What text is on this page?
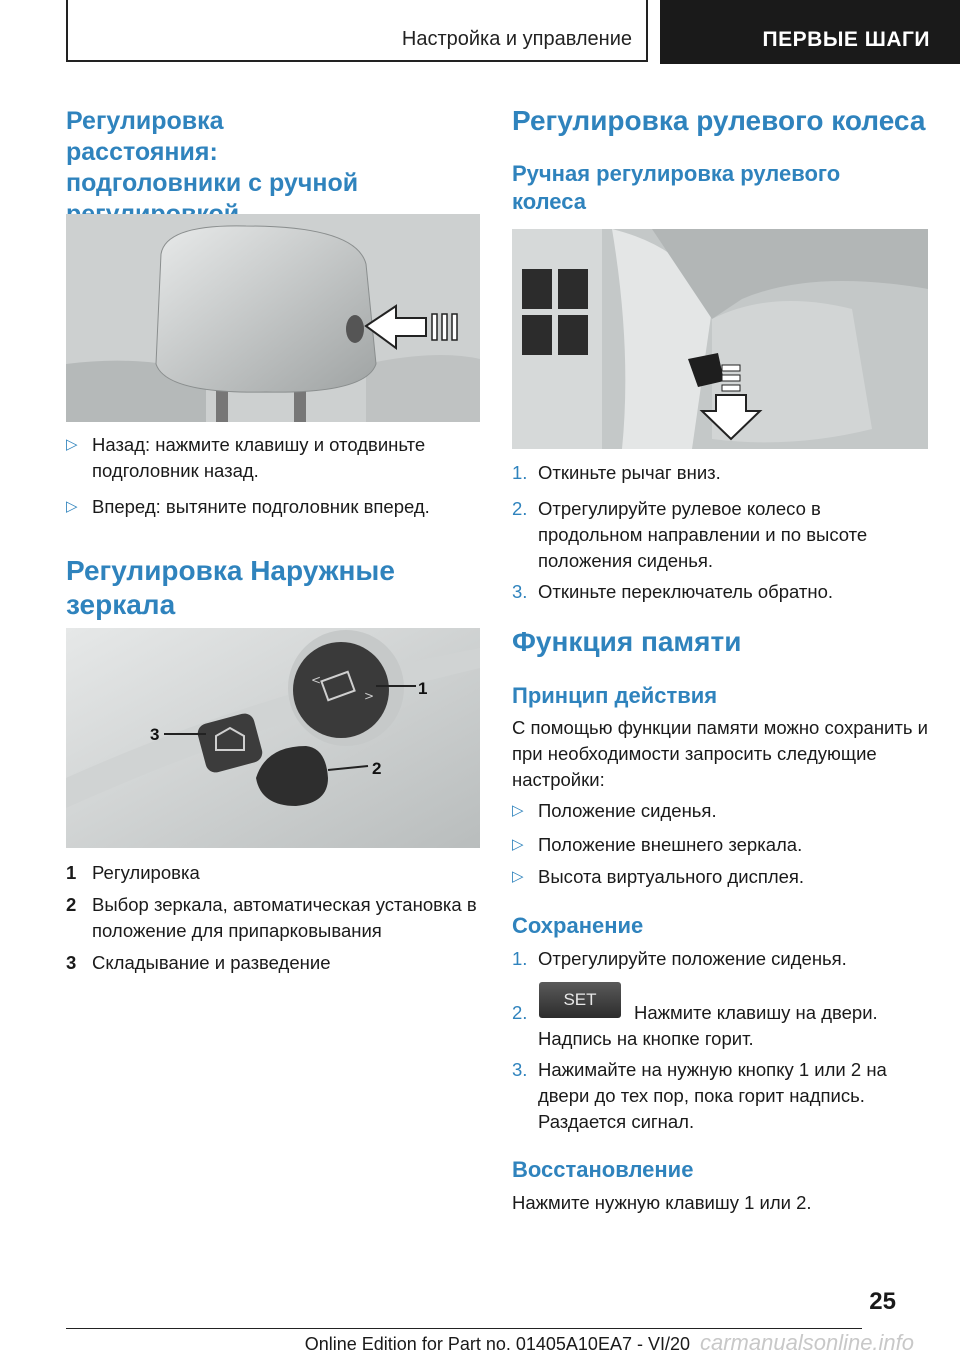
Настройка и управление	ПЕРВЫЕ ШАГИ
Регулировка расстояния: подголовники с ручной
▷ Назад: нажмите клавишу и отодвиньте подголовник назад.
▷ Вперед: вытяните подголовник вперед.
Регулировка Наружные зеркала
<
>	1
2
3
1 Регулировка
2 Выбор зеркала, автоматическая установка в положение для припарковывания
3 Складывание и разведение
Регулировка рулевого колеса
Ручная регулировка рулевого колеса
1. Откиньте рычаг вниз.
2. Отрегулируйте рулевое колесо в продольном направлении и по высоте положения сиденья.
3. Откиньте переключатель обратно.
Функция памяти
Принцип действия
С помощью функции памяти можно сохранить и при необходимости запросить следующие настройки:
▷ Положение сиденья.
▷ Положение внешнего зеркала.
▷ Высота виртуального дисплея.
Сохранение
1. Отрегулируйте положение сиденья.
2.
SET
Нажмите клавишу на двери. Надпись на кнопке горит.
3. Нажимайте на нужную кнопку 1 или 2 на двери до тех пор, пока горит надпись. Раздается сигнал.
Восстановление
Нажмите нужную клавишу 1 или 2.
25
Online Edition for Part no. 01405A10EA7 - VI/20 carmanualsonline.info
